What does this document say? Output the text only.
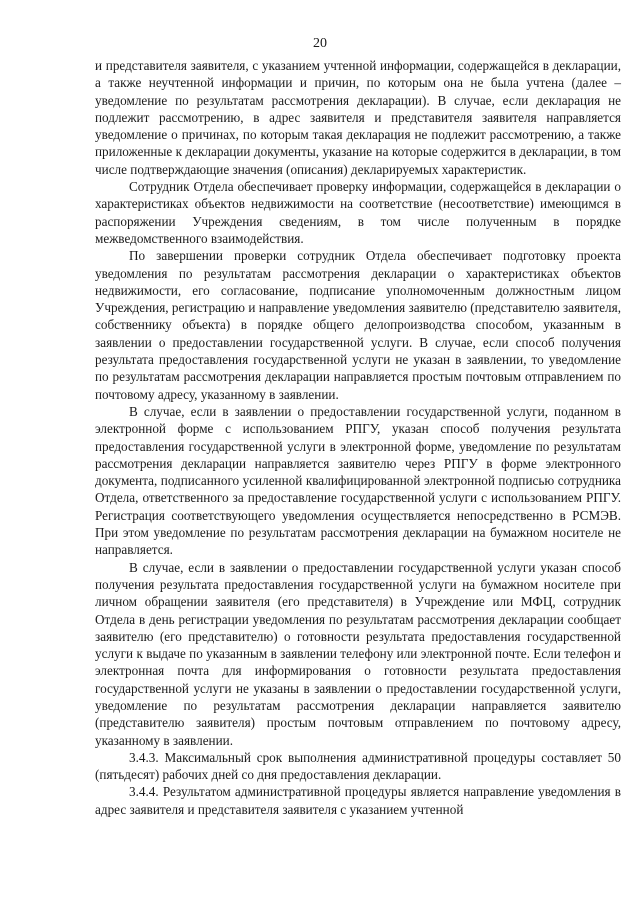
20

и представителя заявителя, с указанием учтенной информации, содержащейся в декларации, а также неучтенной информации и причин, по которым она не была учтена (далее – уведомление по результатам рассмотрения декларации). В случае, если декларация не подлежит рассмотрению, в адрес заявителя и представителя заявителя направляется уведомление о причинах, по которым такая декларация не подлежит рассмотрению, а также приложенные к декларации документы, указание на которые содержится в декларации, в том числе подтверждающие значения (описания) декларируемых характеристик.

Сотрудник Отдела обеспечивает проверку информации, содержащейся в декларации о характеристиках объектов недвижимости на соответствие (несоответствие) имеющимся в распоряжении Учреждения сведениям, в том числе полученным в порядке межведомственного взаимодействия.

По завершении проверки сотрудник Отдела обеспечивает подготовку проекта уведомления по результатам рассмотрения декларации о характеристиках объектов недвижимости, его согласование, подписание уполномоченным должностным лицом Учреждения, регистрацию и направление уведомления заявителю (представителю заявителя, собственнику объекта) в порядке общего делопроизводства способом, указанным в заявлении о предоставлении государственной услуги. В случае, если способ получения результата предоставления государственной услуги не указан в заявлении, то уведомление по результатам рассмотрения декларации направляется простым почтовым отправлением по почтовому адресу, указанному в заявлении.

В случае, если в заявлении о предоставлении государственной услуги, поданном в электронной форме с использованием РПГУ, указан способ получения результата предоставления государственной услуги в электронной форме, уведомление по результатам рассмотрения декларации направляется заявителю через РПГУ в форме электронного документа, подписанного усиленной квалифицированной электронной подписью сотрудника Отдела, ответственного за предоставление государственной услуги с использованием РПГУ. Регистрация соответствующего уведомления осуществляется непосредственно в РСМЭВ. При этом уведомление по результатам рассмотрения декларации на бумажном носителе не направляется.

В случае, если в заявлении о предоставлении государственной услуги указан способ получения результата предоставления государственной услуги на бумажном носителе при личном обращении заявителя (его представителя) в Учреждение или МФЦ, сотрудник Отдела в день регистрации уведомления по результатам рассмотрения декларации сообщает заявителю (его представителю) о готовности результата предоставления государственной услуги к выдаче по указанным в заявлении телефону или электронной почте. Если телефон и электронная почта для информирования о готовности результата предоставления государственной услуги не указаны в заявлении о предоставлении государственной услуги, уведомление по результатам рассмотрения декларации направляется заявителю (представителю заявителя) простым почтовым отправлением по почтовому адресу, указанному в заявлении.

3.4.3. Максимальный срок выполнения административной процедуры составляет 50 (пятьдесят) рабочих дней со дня предоставления декларации.

3.4.4. Результатом административной процедуры является направление уведомления в адрес заявителя и представителя заявителя с указанием учтенной
